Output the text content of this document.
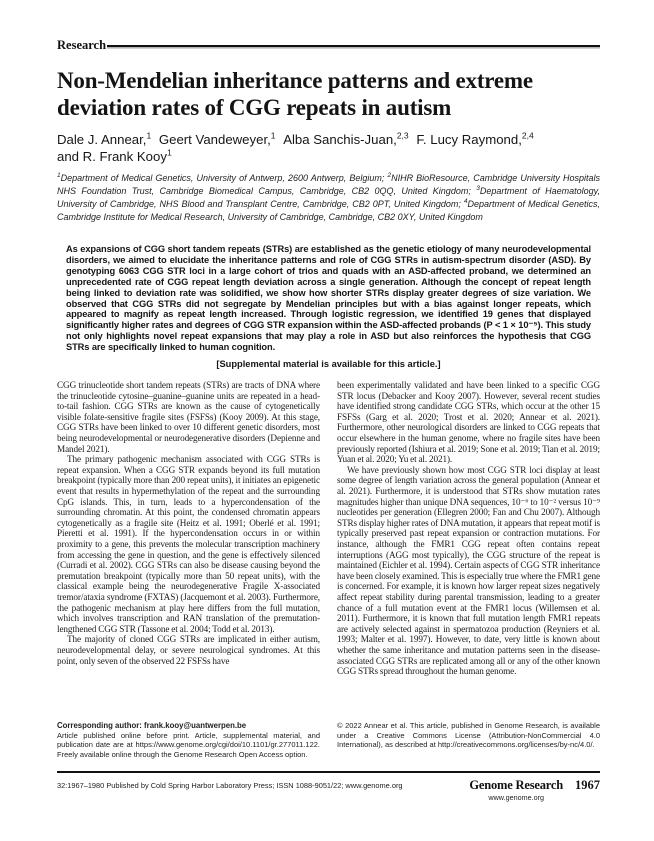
Research
Non-Mendelian inheritance patterns and extreme deviation rates of CGG repeats in autism
Dale J. Annear,$^1$ Geert Vandeweyer,$^1$ Alba Sanchis-Juan,$^{2,3}$ F. Lucy Raymond,$^{2,4}$
and R. Frank Kooy$^1$

$^1$Department of Medical Genetics, University of Antwerp, 2600 Antwerp, Belgium; $^2$NIHR BioResource, Cambridge University Hospitals NHS Foundation Trust, Cambridge Biomedical Campus, Cambridge, CB2 0QQ, United Kingdom; $^3$Department of Haematology, University of Cambridge, NHS Blood and Transplant Centre, Cambridge, CB2 0PT, United Kingdom; $^4$Department of Medical Genetics, Cambridge Institute for Medical Research, University of Cambridge, Cambridge, CB2 0XY, United Kingdom

As expansions of CGG short tandem repeats (STRs) are established as the genetic etiology of many neurodevelopmental disorders, we aimed to elucidate the inheritance patterns and role of CGG STRs in autism-spectrum disorder (ASD). By genotyping 6063 CGG STR loci in a large cohort of trios and quads with an ASD-affected proband, we determined an unprecedented rate of CGG repeat length deviation across a single generation. Although the concept of repeat length being linked to deviation rate was solidified, we show how shorter STRs display greater degrees of size variation. We observed that CGG STRs did not segregate by Mendelian principles but with a bias against longer repeats, which appeared to magnify as repeat length increased. Through logistic regression, we identified 19 genes that displayed significantly higher rates and degrees of CGG STR expansion within the ASD-affected probands (P < 1 × 10⁻⁵). This study not only highlights novel repeat expansions that may play a role in ASD but also reinforces the hypothesis that CGG STRs are specifically linked to human cognition.
[Supplemental material is available for this article.]

CGG trinucleotide short tandem repeats (STRs) are tracts of DNA where the trinucleotide cytosine–guanine–guanine units are repeated in a head-to-tail fashion. CGG STRs are known as the cause of cytogenetically visible folate-sensitive fragile sites (FSFSs) (Kooy 2009). At this stage, CGG STRs have been linked to over 10 different genetic disorders, most being neurodevelopmental or neurodegenerative disorders (Depienne and Mandel 2021).

The primary pathogenic mechanism associated with CGG STRs is repeat expansion. When a CGG STR expands beyond its full mutation breakpoint (typically more than 200 repeat units), it initiates an epigenetic event that results in hypermethylation of the repeat and the surrounding CpG islands. This, in turn, leads to a hypercondensation of the surrounding chromatin. At this point, the condensed chromatin appears cytogenetically as a fragile site (Heitz et al. 1991; Oberlé et al. 1991; Pieretti et al. 1991). If the hypercondensation occurs in or within proximity to a gene, this prevents the molecular transcription machinery from accessing the gene in question, and the gene is effectively silenced (Curradi et al. 2002). CGG STRs can also be disease causing beyond the premutation breakpoint (typically more than 50 repeat units), with the classical example being the neurodegenerative Fragile X-associated tremor/ataxia syndrome (FXTAS) (Jacquemont et al. 2003). Furthermore, the pathogenic mechanism at play here differs from the full mutation, which involves transcription and RAN translation of the premutation-lengthened CGG STR (Tassone et al. 2004; Todd et al. 2013).

The majority of cloned CGG STRs are implicated in either autism, neurodevelopmental delay, or severe neurological syndromes. At this point, only seven of the observed 22 FSFSs have

been experimentally validated and have been linked to a specific CGG STR locus (Debacker and Kooy 2007). However, several recent studies have identified strong candidate CGG STRs, which occur at the other 15 FSFSs (Garg et al. 2020; Trost et al. 2020; Annear et al. 2021). Furthermore, other neurological disorders are linked to CGG repeats that occur elsewhere in the human genome, where no fragile sites have been previously reported (Ishiura et al. 2019; Sone et al. 2019; Tian et al. 2019; Yuan et al. 2020; Yu et al. 2021).

We have previously shown how most CGG STR loci display at least some degree of length variation across the general population (Annear et al. 2021). Furthermore, it is understood that STRs show mutation rates magnitudes higher than unique DNA sequences, 10⁻⁶ to 10⁻² versus 10⁻⁹ nucleotides per generation (Ellegren 2000; Fan and Chu 2007). Although STRs display higher rates of DNA mutation, it appears that repeat motif is typically preserved past repeat expansion or contraction mutations. For instance, although the FMR1 CGG repeat often contains repeat interruptions (AGG most typically), the CGG structure of the repeat is maintained (Eichler et al. 1994). Certain aspects of CGG STR inheritance have been closely examined. This is especially true where the FMR1 gene is concerned. For example, it is known how larger repeat sizes negatively affect repeat stability during parental transmission, leading to a greater chance of a full mutation event at the FMR1 locus (Willemsen et al. 2011). Furthermore, it is known that full mutation length FMR1 repeats are actively selected against in spermatozoa production (Reyniers et al. 1993; Malter et al. 1997). However, to date, very little is known about whether the same inheritance and mutation patterns seen in the disease-associated CGG STRs are replicated among all or any of the other known CGG STRs spread throughout the human genome.

Corresponding author: frank.kooy@uantwerpen.be
Article published online before print. Article, supplemental material, and publication date are at https://www.genome.org/cgi/doi/10.1101/gr.277011.122. Freely available online through the Genome Research Open Access option.
© 2022 Annear et al. This article, published in Genome Research, is available under a Creative Commons License (Attribution-NonCommercial 4.0 International), as described at http://creativecommons.org/licenses/by-nc/4.0/.
32:1967–1980 Published by Cold Spring Harbor Laboratory Press; ISSN 1088-9051/22; www.genome.org	Genome Research
www.genome.org
1967
